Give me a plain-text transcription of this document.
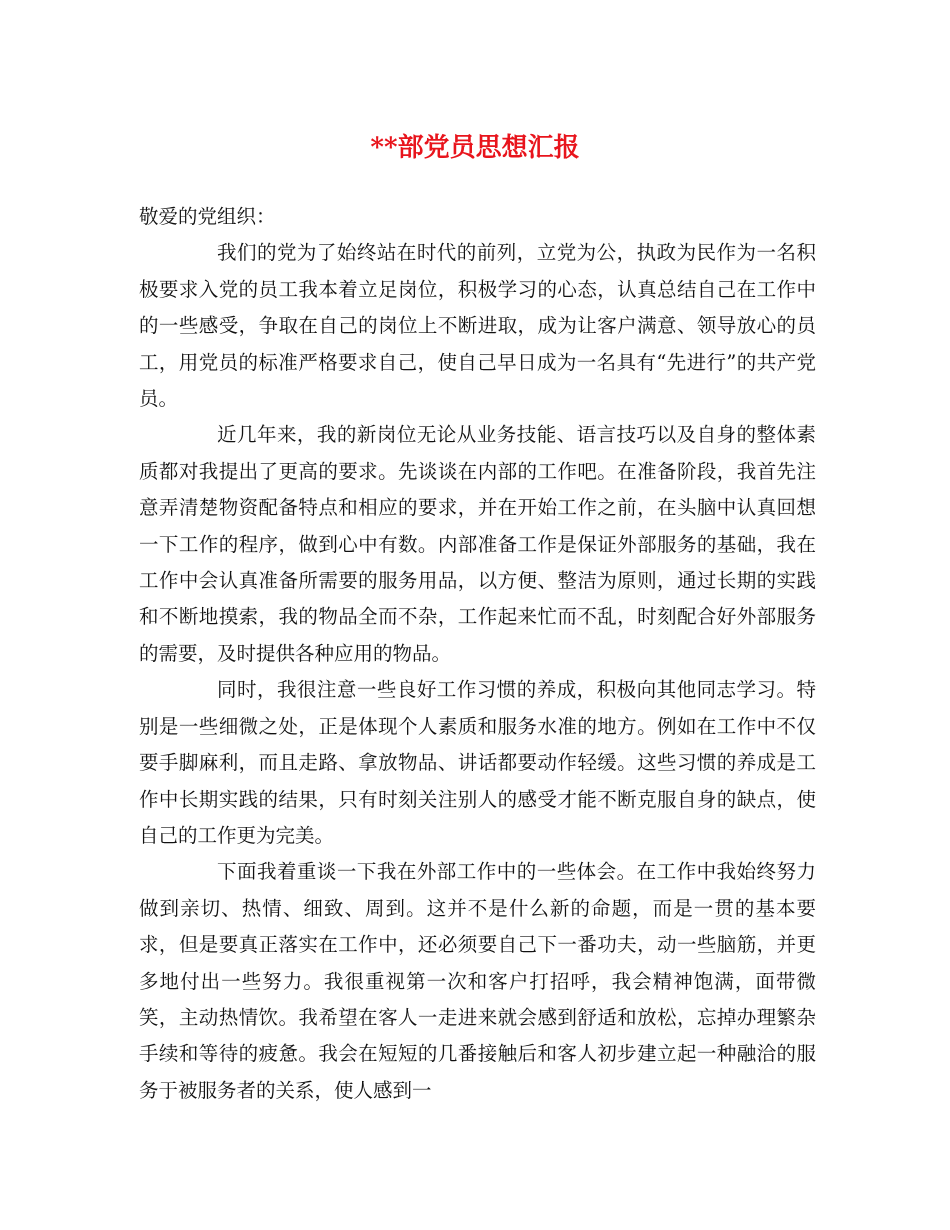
**部党员思想汇报

敬爱的党组织：

我们的党为了始终站在时代的前列，立党为公，执政为民作为一名积极要求入党的员工我本着立足岗位，积极学习的心态，认真总结自己在工作中的一些感受，争取在自己的岗位上不断进取，成为让客户满意、领导放心的员工，用党员的标准严格要求自己，使自己早日成为一名具有“先进行”的共产党员。

近几年来，我的新岗位无论从业务技能、语言技巧以及自身的整体素质都对我提出了更高的要求。先谈谈在内部的工作吧。在准备阶段，我首先注意弄清楚物资配备特点和相应的要求，并在开始工作之前，在头脑中认真回想一下工作的程序，做到心中有数。内部准备工作是保证外部服务的基础，我在工作中会认真准备所需要的服务用品，以方便、整洁为原则，通过长期的实践和不断地摸索，我的物品全而不杂，工作起来忙而不乱，时刻配合好外部服务的需要，及时提供各种应用的物品。

同时，我很注意一些良好工作习惯的养成，积极向其他同志学习。特别是一些细微之处，正是体现个人素质和服务水准的地方。例如在工作中不仅要手脚麻利，而且走路、拿放物品、讲话都要动作轻缓。这些习惯的养成是工作中长期实践的结果，只有时刻关注别人的感受才能不断克服自身的缺点，使自己的工作更为完美。

下面我着重谈一下我在外部工作中的一些体会。在工作中我始终努力做到亲切、热情、细致、周到。这并不是什么新的命题，而是一贯的基本要求，但是要真正落实在工作中，还必须要自己下一番功夫，动一些脑筋，并更多地付出一些努力。我很重视第一次和客户打招呼，我会精神饱满，面带微笑，主动热情饮。我希望在客人一走进来就会感到舒适和放松，忘掉办理繁杂手续和等待的疲惫。我会在短短的几番接触后和客人初步建立起一种融洽的服务于被服务者的关系，使人感到一
